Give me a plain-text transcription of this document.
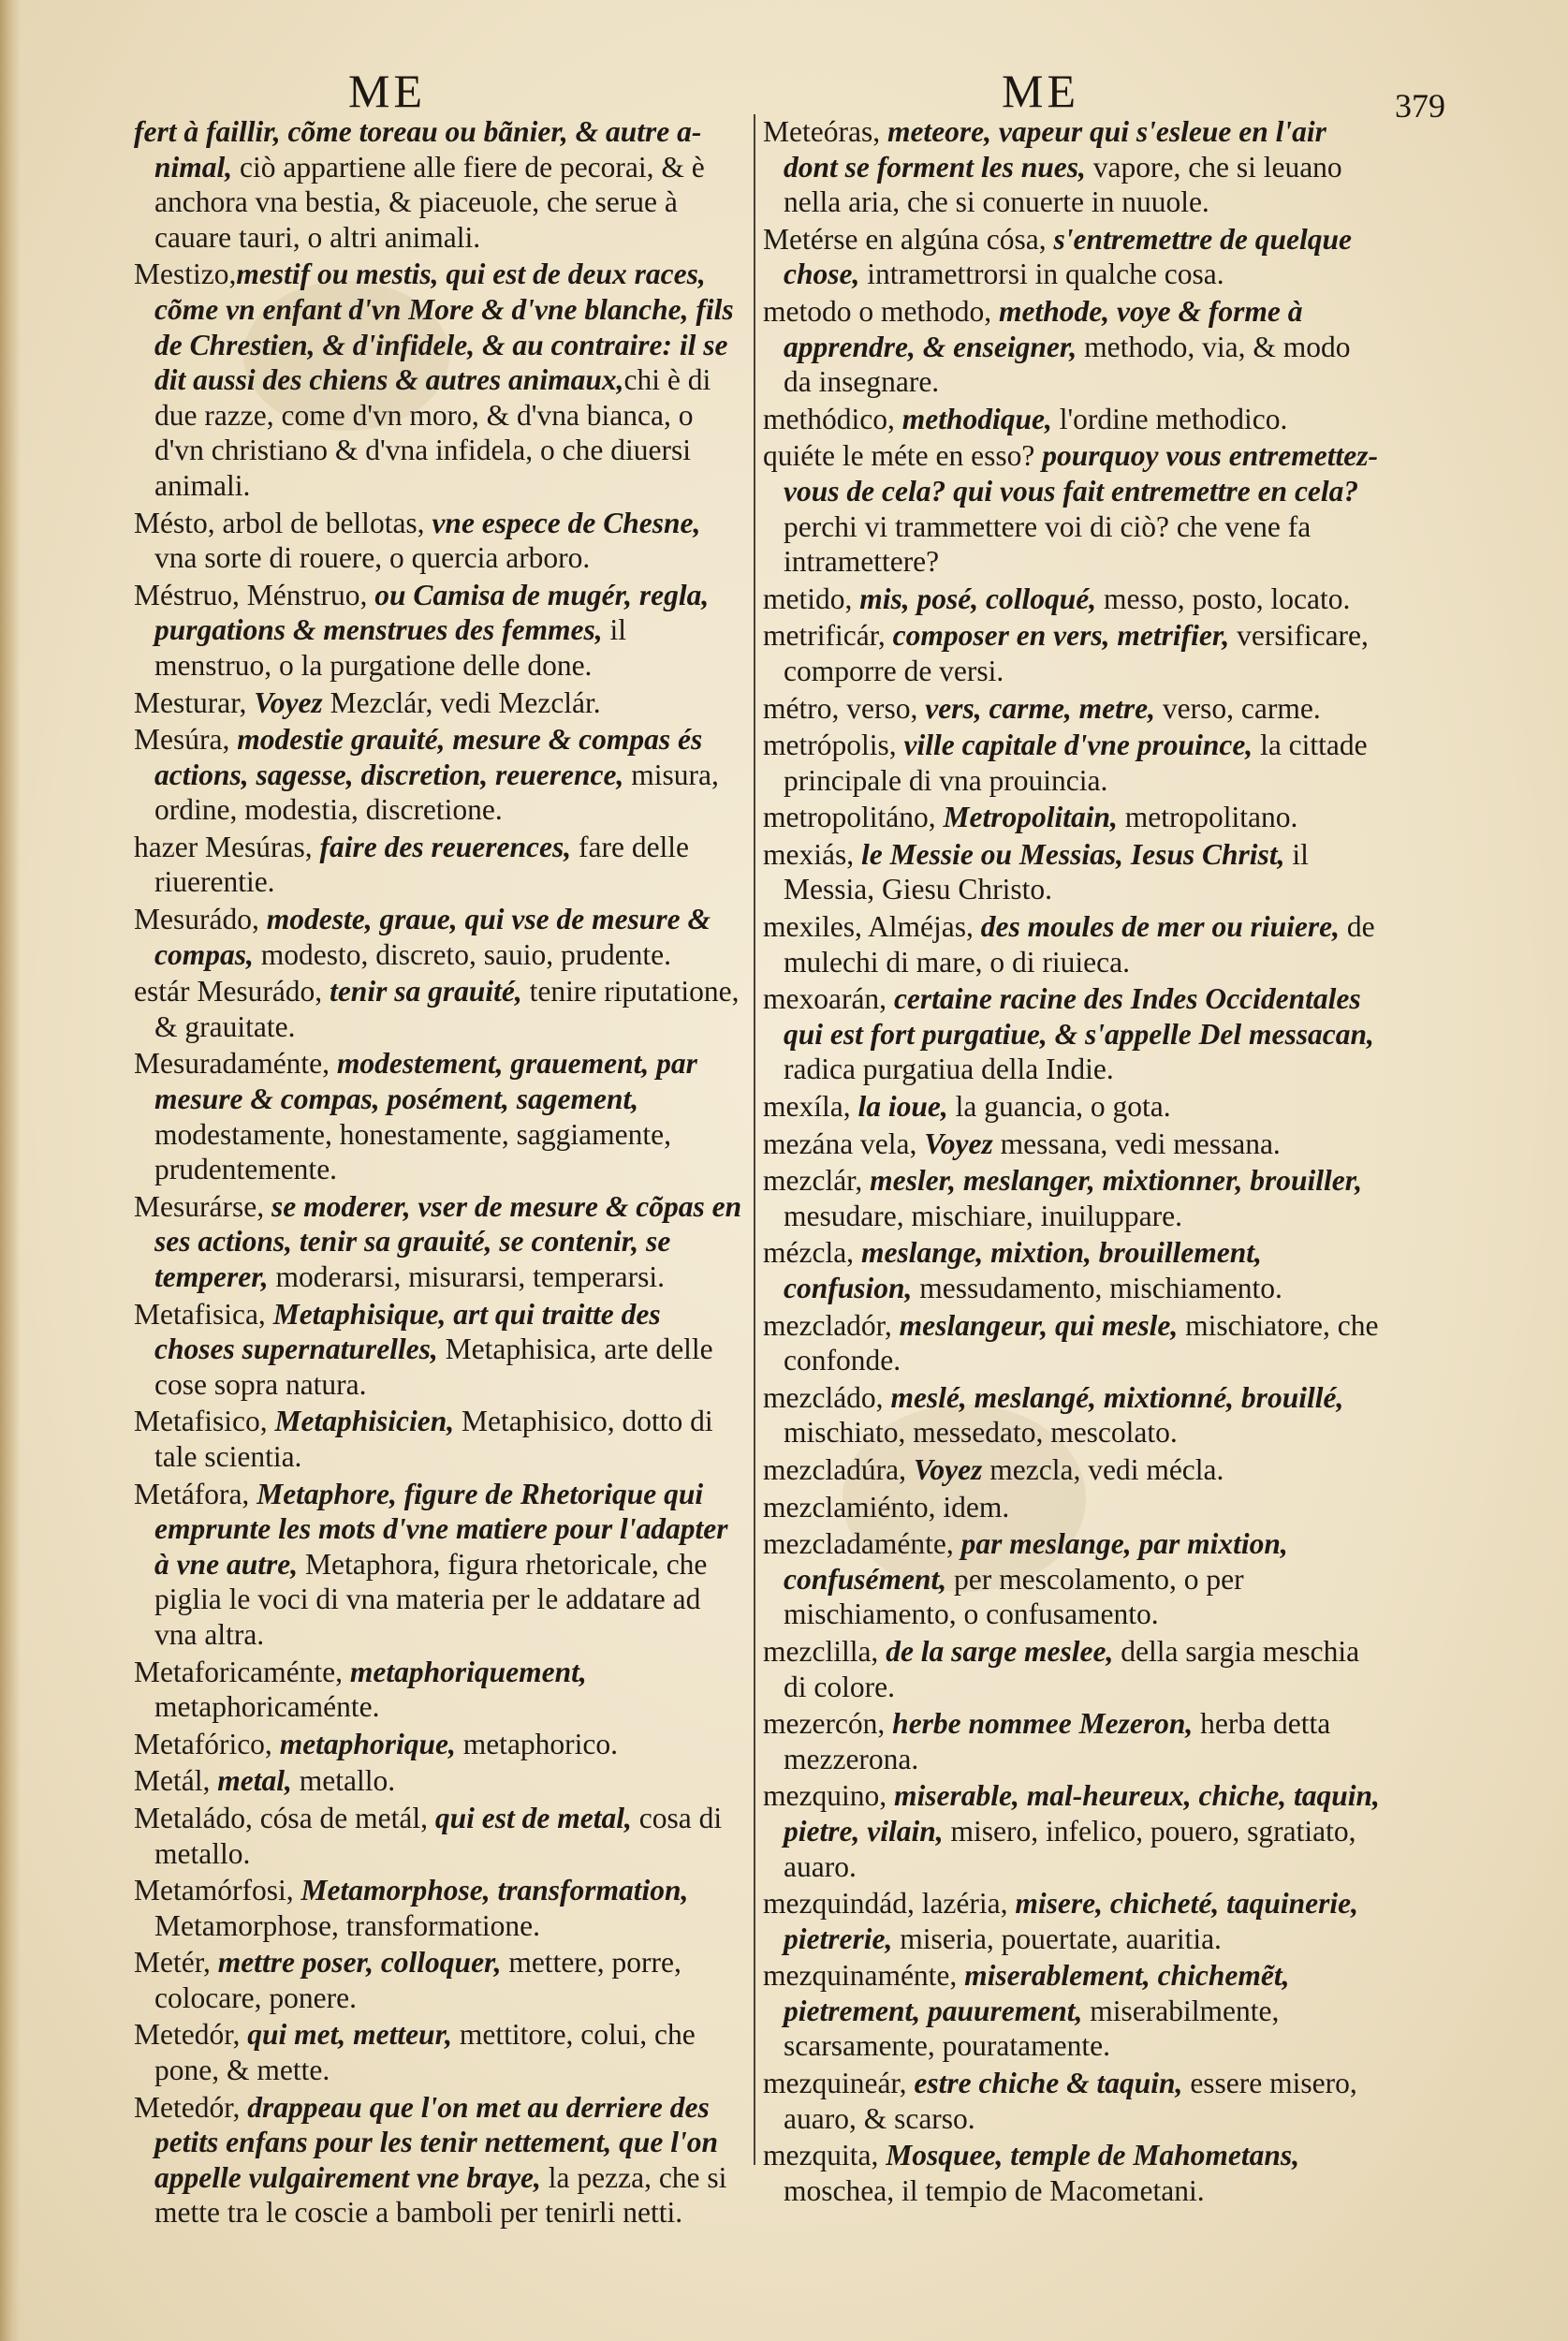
ME	ME	379
fert à faillir, cõme toreau ou bãnier, & autre a-nimal, ciò appartiene alle fiere de pecorai, & è anchora vna bestia, & piaceuole, che serue à cauare tauri, o altri animali.
Mestizo,mestif ou mestis, qui est de deux races, cõme vn enfant d'vn More & d'vne blanche, fils de Chrestien, & d'infidele, & au contraire: il se dit aussi des chiens & autres animaux,chi è di due razze, come d'vn moro, & d'vna bianca, o d'vn christiano & d'vna infidela, o che diuersi animali.
Mésto, arbol de bellotas, vne espece de Chesne, vna sorte di rouere, o quercia arboro.
Méstruo, Ménstruo, ou Camisa de mugér, regla, purgations & menstrues des femmes, il menstruo, o la purgatione delle done.
Mesturar, Voyez Mezclár, vedi Mezclár.
Mesúra, modestie grauité, mesure & compas és actions, sagesse, discretion, reuerence, misura, ordine, modestia, discretione.
hazer Mesúras, faire des reuerences, fare delle riuerentie.
Mesurádo, modeste, graue, qui vse de mesure & compas, modesto, discreto, sauio, prudente.
estár Mesurádo, tenir sa grauité, tenire riputatione, & grauitate.
Mesuradaménte, modestement, grauement, par mesure & compas, posément, sagement, modestamente, honestamente, saggiamente, prudentemente.
Mesurárse, se moderer, vser de mesure & cõpas en ses actions, tenir sa grauité, se contenir, se temperer, moderarsi, misurarsi, temperarsi.
Metafisica, Metaphisique, art qui traitte des choses supernaturelles, Metaphisica, arte delle cose sopra natura.
Metafisico, Metaphisicien, Metaphisico, dotto di tale scientia.
Metáfora, Metaphore, figure de Rhetorique qui emprunte les mots d'vne matiere pour l'adapter à vne autre, Metaphora, figura rhetoricale, che piglia le voci di vna materia per le addatare ad vna altra.
Metaforicaménte, metaphoriquement, metaphoricaménte.
Metafórico, metaphorique, metaphorico.
Metál, metal, metallo.
Metaládo, cósa de metál, qui est de metal, cosa di metallo.
Metamórfosi, Metamorphose, transformation, Metamorphose, transformatione.
Metér, mettre poser, colloquer, mettere, porre, colocare, ponere.
Metedór, qui met, metteur, mettitore, colui, che pone, & mette.
Metedór, drappeau que l'on met au derriere des petits enfans pour les tenir nettement, que l'on appelle vulgairement vne braye, la pezza, che si mette tra le coscie a bamboli per tenirli netti.
Meteóras, meteore, vapeur qui s'esleue en l'air dont se forment les nues, vapore, che si leuano nella aria, che si conuerte in nuuole.
Metérse en algúna cósa, s'entremettre de quelque chose, intramettrorsi in qualche cosa.
metodo o methodo, methode, voye & forme à apprendre, & enseigner, methodo, via, & modo da insegnare.
methódico, methodique, l'ordine methodico.
quiéte le méte en esso? pourquoy vous entremettez-vous de cela? qui vous fait entremettre en cela? perchi vi trammettere voi di ciò? che vene fa intramettere?
metido, mis, posé, colloqué, messo, posto, locato.
metrificár, composer en vers, metrifier, versificare, comporre de versi.
métro, verso, vers, carme, metre, verso, carme.
metrópolis, ville capitale d'vne prouince, la cittade principale di vna prouincia.
metropolitáno, Metropolitain, metropolitano.
mexiás, le Messie ou Messias, Iesus Christ, il Messia, Giesu Christo.
mexiles, Alméjas, des moules de mer ou riuiere, de mulechi di mare, o di riuieca.
mexoarán, certaine racine des Indes Occidentales qui est fort purgatiue, & s'appelle Del messacan, radica purgatiua della Indie.
mexíla, la ioue, la guancia, o gota.
mezána vela, Voyez messana, vedi messana.
mezclár, mesler, meslanger, mixtionner, brouiller, mesudare, mischiare, inuiluppare.
mézcla, meslange, mixtion, brouillement, confusion, messudamento, mischiamento.
mezcladór, meslangeur, qui mesle, mischiatore, che confonde.
mezcládo, meslé, meslangé, mixtionné, brouillé, mischiato, messedato, mescolato.
mezcladúra, Voyez mezcla, vedi mécla.
mezclamiénto, idem.
mezcladaménte, par meslange, par mixtion, confusément, per mescolamento, o per mischiamento, o confusamento.
mezclilla, de la sarge meslee, della sargia meschia di colore.
mezercón, herbe nommee Mezeron, herba detta mezzerona.
mezquino, miserable, mal-heureux, chiche, taquin, pietre, vilain, misero, infelico, pouero, sgratiato, auaro.
mezquindád, lazéria, misere, chicheté, taquinerie, pietrerie, miseria, pouertate, auaritia.
mezquinaménte, miserablement, chichemẽt, pietrement, pauurement, miserabilmente, scarsamente, pouratamente.
mezquineár, estre chiche & taquin, essere misero, auaro, & scarso.
mezquita, Mosquee, temple de Mahometans, moschea, il tempio de Macometani.
